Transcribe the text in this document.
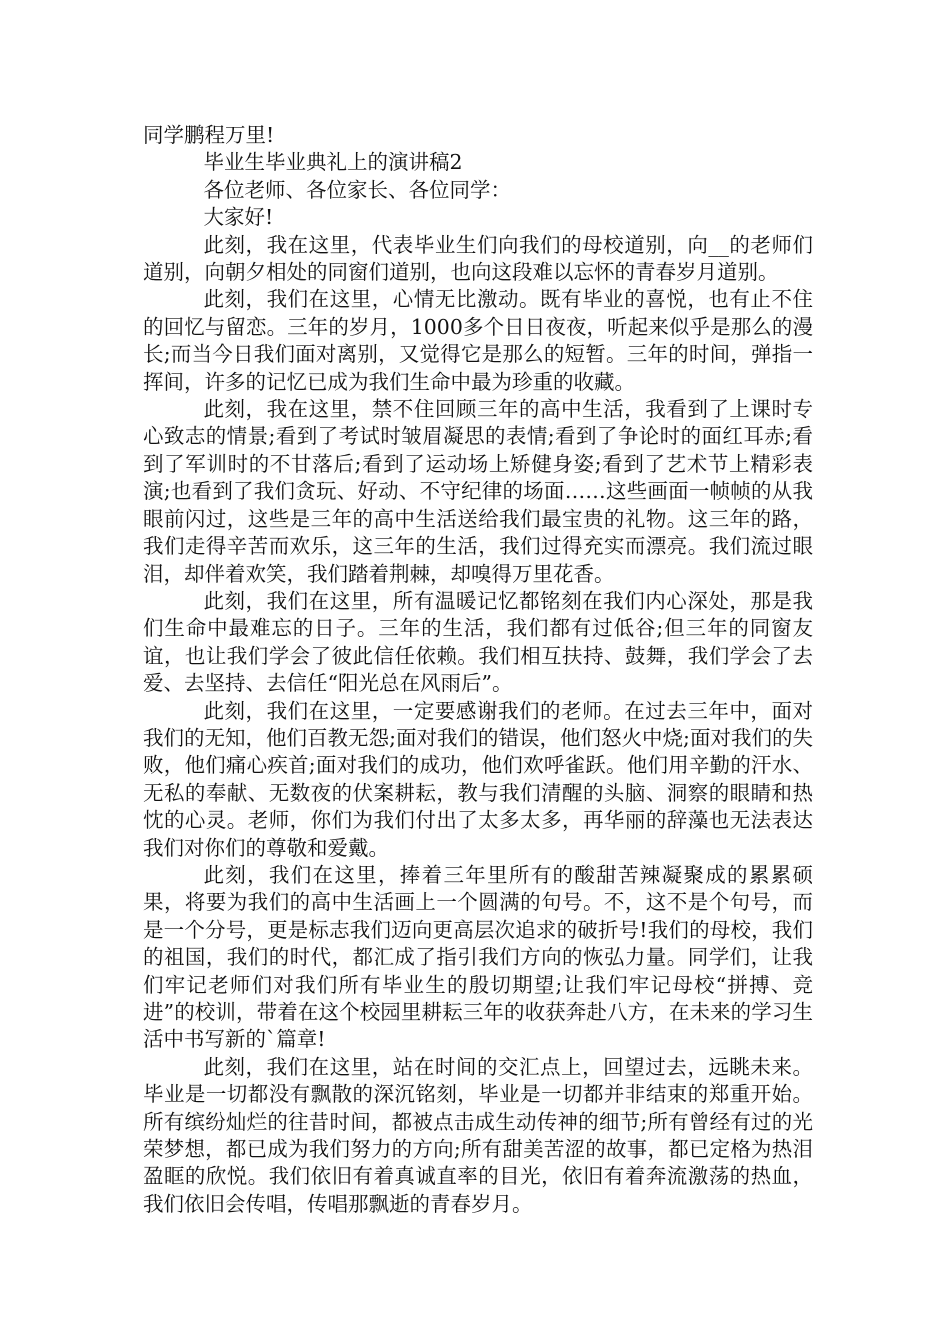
同学鹏程万里!

毕业生毕业典礼上的演讲稿2

各位老师、各位家长、各位同学：

大家好!

此刻，我在这里，代表毕业生们向我们的母校道别，向__的老师们道别，向朝夕相处的同窗们道别，也向这段难以忘怀的青春岁月道别。

此刻，我们在这里，心情无比激动。既有毕业的喜悦，也有止不住的回忆与留恋。三年的岁月，1000多个日日夜夜，听起来似乎是那么的漫长;而当今日我们面对离别，又觉得它是那么的短暂。三年的时间，弹指一挥间，许多的记忆已成为我们生命中最为珍重的收藏。

此刻，我在这里，禁不住回顾三年的高中生活，我看到了上课时专心致志的情景;看到了考试时皱眉凝思的表情;看到了争论时的面红耳赤;看到了军训时的不甘落后;看到了运动场上矫健身姿;看到了艺术节上精彩表演;也看到了我们贪玩、好动、不守纪律的场面……这些画面一帧帧的从我眼前闪过，这些是三年的高中生活送给我们最宝贵的礼物。这三年的路，我们走得辛苦而欢乐，这三年的生活，我们过得充实而漂亮。我们流过眼泪，却伴着欢笑，我们踏着荆棘，却嗅得万里花香。

此刻，我们在这里，所有温暖记忆都铭刻在我们内心深处，那是我们生命中最难忘的日子。三年的生活，我们都有过低谷;但三年的同窗友谊，也让我们学会了彼此信任依赖。我们相互扶持、鼓舞，我们学会了去爱、去坚持、去信任“阳光总在风雨后”。

此刻，我们在这里，一定要感谢我们的老师。在过去三年中，面对我们的无知，他们百教无怨;面对我们的错误，他们怒火中烧;面对我们的失败，他们痛心疾首;面对我们的成功，他们欢呼雀跃。他们用辛勤的汗水、无私的奉献、无数夜的伏案耕耘，教与我们清醒的头脑、洞察的眼睛和热忱的心灵。老师，你们为我们付出了太多太多，再华丽的辞藻也无法表达我们对你们的尊敬和爱戴。

此刻，我们在这里，捧着三年里所有的酸甜苦辣凝聚成的累累硕果，将要为我们的高中生活画上一个圆满的句号。不，这不是个句号，而是一个分号，更是标志我们迈向更高层次追求的破折号!我们的母校，我们的祖国，我们的时代，都汇成了指引我们方向的恢弘力量。同学们，让我们牢记老师们对我们所有毕业生的殷切期望;让我们牢记母校“拼搏、竞进”的校训，带着在这个校园里耕耘三年的收获奔赴八方，在未来的学习生活中书写新的`篇章!

此刻，我们在这里，站在时间的交汇点上，回望过去，远眺未来。毕业是一切都没有飘散的深沉铭刻，毕业是一切都并非结束的郑重开始。所有缤纷灿烂的往昔时间，都被点击成生动传神的细节;所有曾经有过的光荣梦想，都已成为我们努力的方向;所有甜美苦涩的故事，都已定格为热泪盈眶的欣悦。我们依旧有着真诚直率的目光，依旧有着奔流激荡的热血，我们依旧会传唱，传唱那飘逝的青春岁月。
